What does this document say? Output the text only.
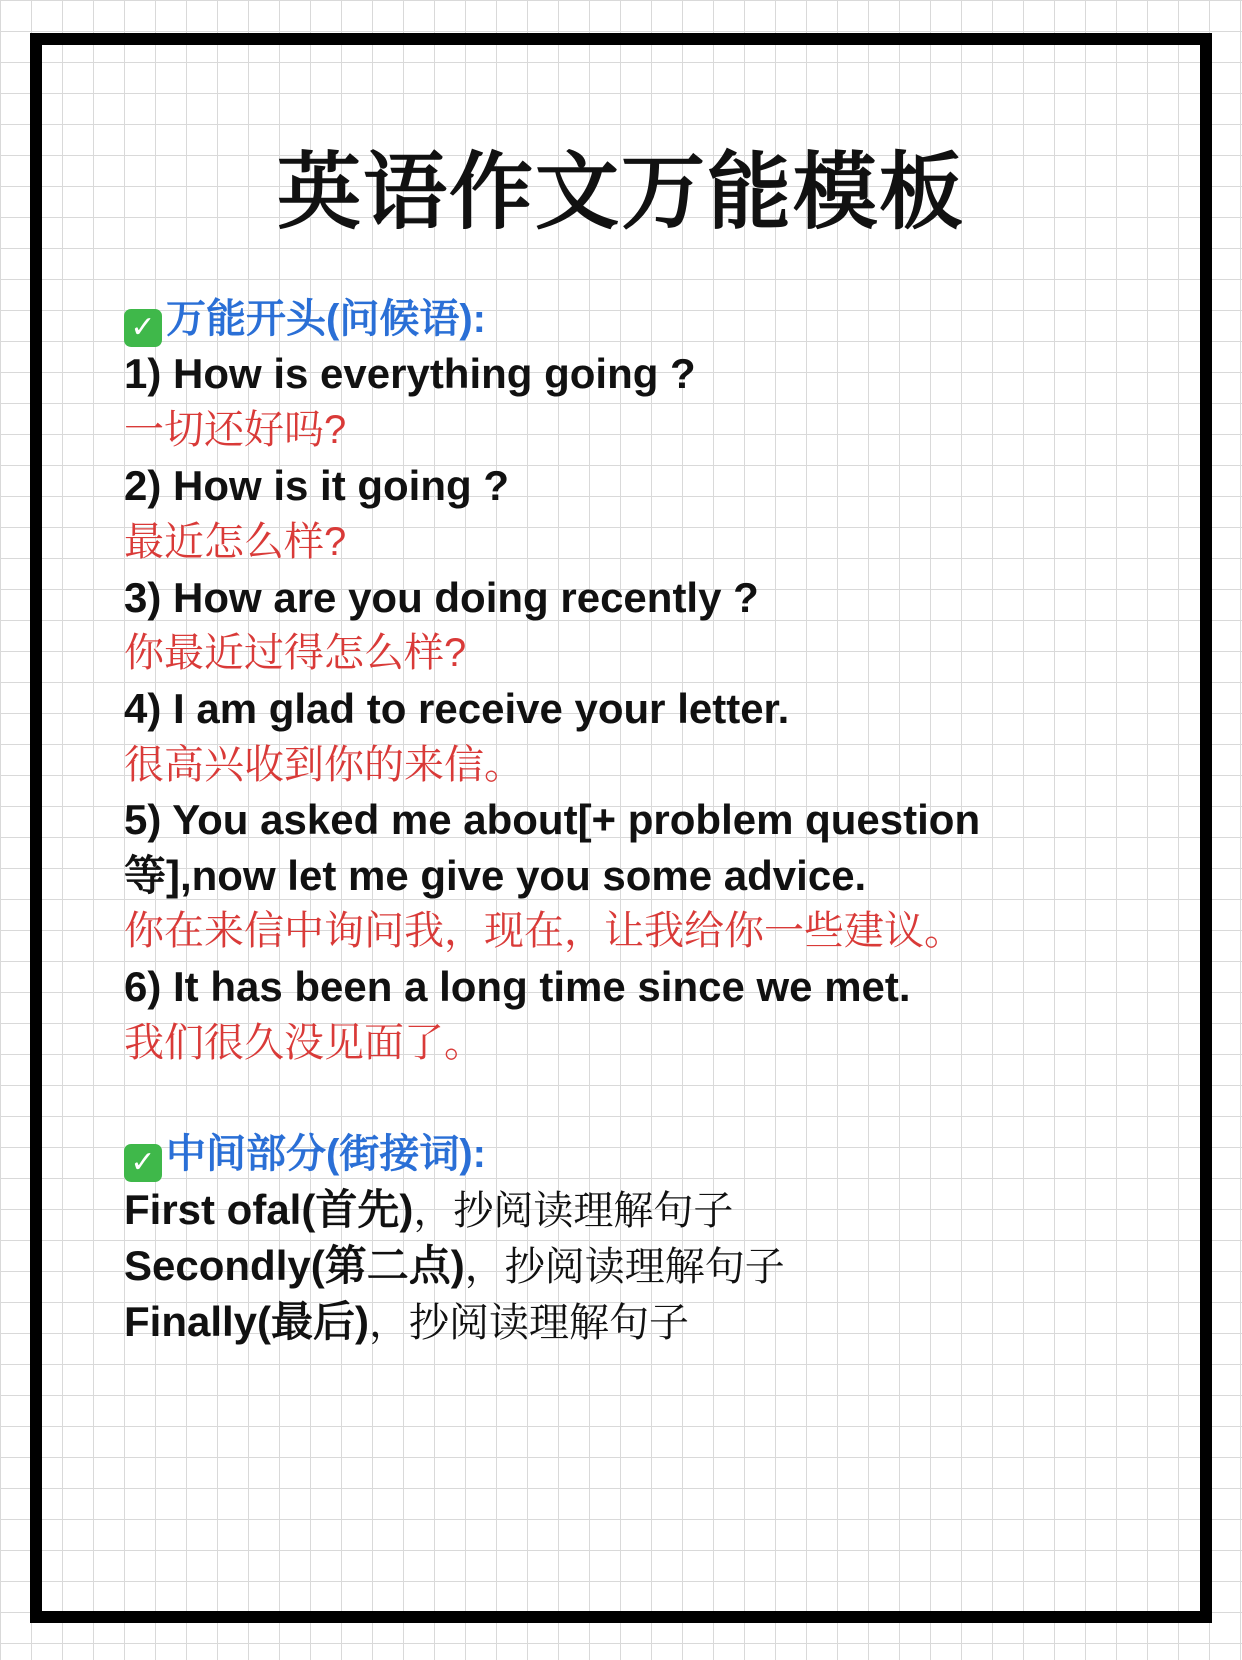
英语作文万能模板
✓ 万能开头(问候语):
1) How is everything going ?
一切还好吗?
2) How is it going ?
最近怎么样?
3) How are you doing recently ?
你最近过得怎么样?
4) I am glad to receive your letter.
很高兴收到你的来信。
5) You asked me about[+ problem question
等],now let me give you some advice.
你在来信中询问我，现在，让我给你一些建议。
6) It has been a long time since we met.
我们很久没见面了。
✓ 中间部分(街接词):
First ofal(首先)，抄阅读理解句子
Secondly(第二点)，抄阅读理解句子
Finally(最后)，抄阅读理解句子
